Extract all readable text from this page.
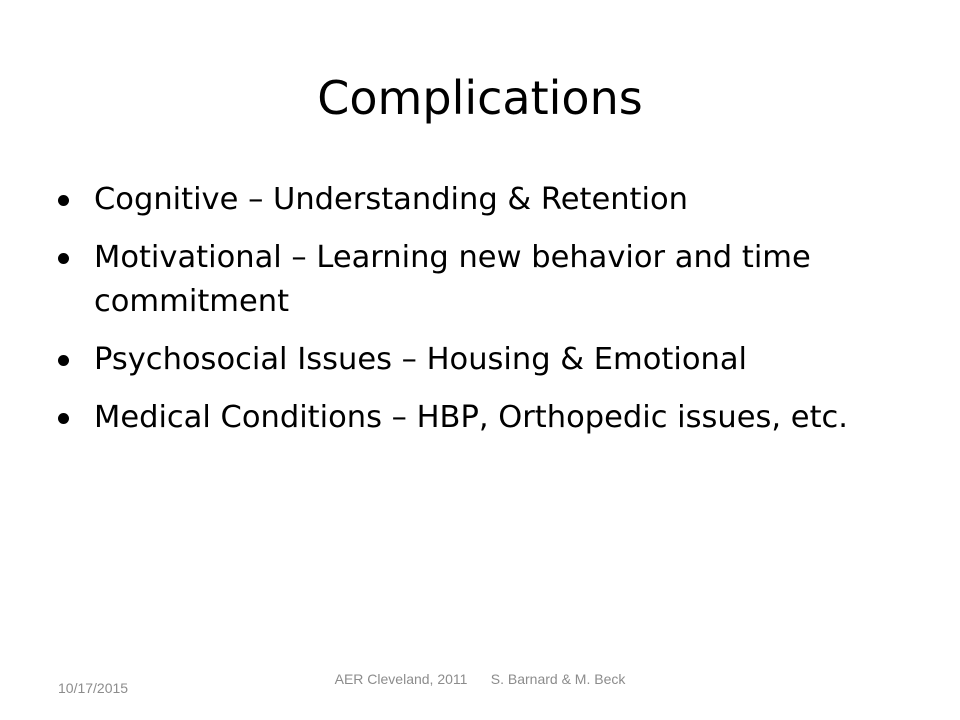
Complications
Cognitive – Understanding & Retention
Motivational – Learning new behavior and time commitment
Psychosocial Issues – Housing & Emotional
Medical Conditions – HBP, Orthopedic issues, etc.
10/17/2015
AER Cleveland, 2011      S. Barnard & M. Beck
